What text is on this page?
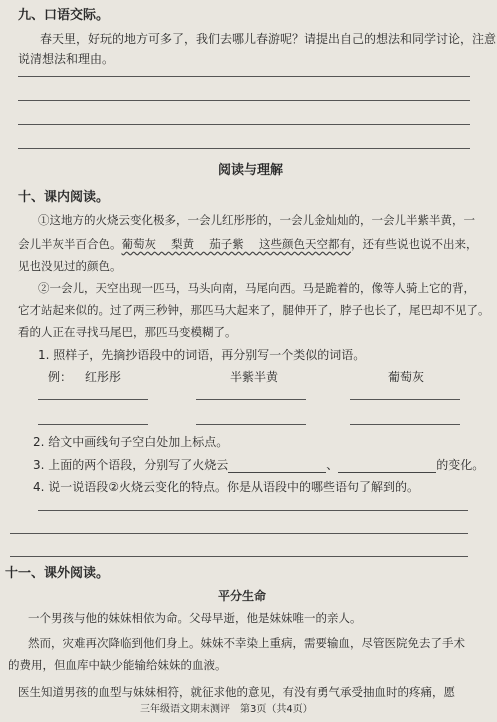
九、口语交际。
春天里，好玩的地方可多了，我们去哪儿春游呢？请提出自己的想法和同学讨论，注意
说清想法和理由。
阅读与理解
十、课内阅读。
①这地方的火烧云变化极多，一会儿红彤彤的，一会儿金灿灿的，一会儿半紫半黄，一
会儿半灰半百合色。葡萄灰　 梨黄　 茄子紫　 这些颜色天空都有，还有些说也说不出来，
见也没见过的颜色。
②一会儿，天空出现一匹马，马头向南，马尾向西。马是跪着的，像等人骑上它的背，
它才站起来似的。过了两三秒钟，那匹马大起来了，腿伸开了，脖子也长了，尾巴却不见了。
看的人正在寻找马尾巴，那匹马变模糊了。
1. 照样子，先摘抄语段中的词语，再分别写一个类似的词语。
例： 红彤彤	半紫半黄	葡萄灰
2. 给文中画线句子空白处加上标点。
3. 上面的两个语段，分别写了火烧云	、	的变化。
4. 说一说语段②火烧云变化的特点。你是从语段中的哪些语句了解到的。
十一、课外阅读。
平分生命
一个男孩与他的妹妹相依为命。父母早逝，他是妹妹唯一的亲人。
然而，灾难再次降临到他们身上。妹妹不幸染上重病，需要输血，尽管医院免去了手术
的费用，但血库中缺少能输给妹妹的血液。
医生知道男孩的血型与妹妹相符，就征求他的意见，有没有勇气承受抽血时的疼痛，愿
三年级语文期末测评　第3页（共4页）
